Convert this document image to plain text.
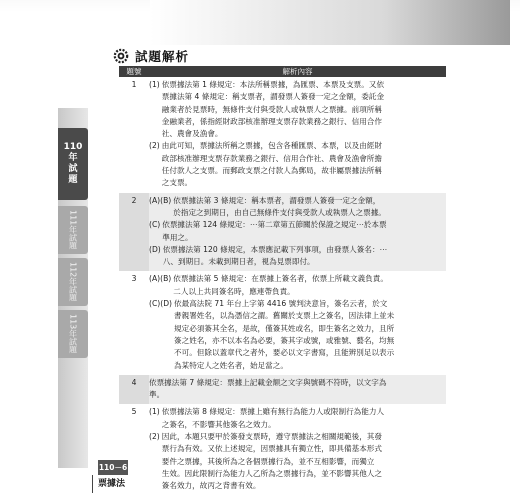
110
年
試
題
111年試題
112年試題
113年試題
試題解析
題號	解析內容
1	(1) 依票據法第 1 條規定：本法所稱票據，為匯票、本票及支票。又依
票據法第 4 條規定：稱支票者，謂發票人簽發一定之金額，委託金
融業者於見票時，無條件支付與受款人或執票人之票據。前項所稱
金融業者，係指經財政部核准辦理支票存款業務之銀行、信用合作
社、農會及漁會。
(2) 由此可知，票據法所稱之票據，包含各種匯票、本票，以及由經財
政部核准辦理支票存款業務之銀行、信用合作社、農會及漁會所擔
任付款人之支票。而郵政支票之付款人為郵局，故非屬票據法所稱
之支票。
2	(A)(B) 依票據法第 3 條規定：稱本票者，謂發票人簽發一定之金額，
於指定之到期日，由自己無條件支付與受款人或執票人之票據。
(C) 依票據法第 124 條規定：⋯第二章第五節關於保證之規定⋯於本票
準用之。
(D) 依票據法第 120 條規定，本票應記載下列事項，由發票人簽名：⋯
八、到期日。未載到期日者，視為見票即付。
3	(A)(B) 依票據法第 5 條規定：在票據上簽名者，依票上所載文義負責。
二人以上共同簽名時，應連帶負責。
(C)(D) 依最高法院 71 年台上字第 4416 號判決意旨，簽名云者，於文
書親署姓名，以為憑信之謂。舊關於支票上之簽名，因法律上並未
規定必須簽其全名，是故，僅簽其姓或名，即生簽名之效力，且所
簽之姓名，亦不以本名為必要，簽其字或號，或雅號、藝名，均無
不可。但除以蓋章代之者外，要必以文字書寫，且能辨別足以表示
為某特定人之姓名者，始足當之。
4	依票據法第 7 條規定：票據上記載金額之文字與號碼不符時，以文字為
準。
5	(1) 依票據法第 8 條規定：票據上雖有無行為能力人或限制行為能力人
之簽名，不影響其他簽名之效力。
(2) 因此，本題只要甲於簽發支票時，遵守票據法之相關規範後，其發
票行為有效。又依上述規定，因票據具有獨立性，即具備基本形式
要件之票據，其後所為之各個票據行為，並不互相影響，而獨立
生效。因此限制行為能力人乙所為之票據行為，並不影響其他人之
簽名效力，故丙之背書有效。
110－6
票據法
